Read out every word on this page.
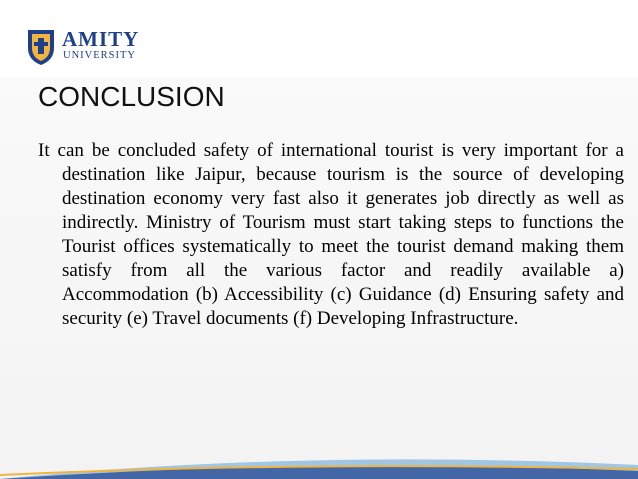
AMITY
UNIVERSITY
CONCLUSION

It can be concluded safety of international tourist is very important for a destination like Jaipur, because tourism is the source of developing destination economy very fast also it generates job directly as well as indirectly. Ministry of Tourism must start taking steps to functions the Tourist offices systematically to meet the tourist demand making them satisfy from all the various factor and readily available a) Accommodation (b) Accessibility (c) Guidance (d) Ensuring safety and security (e) Travel documents (f) Developing Infrastructure.
